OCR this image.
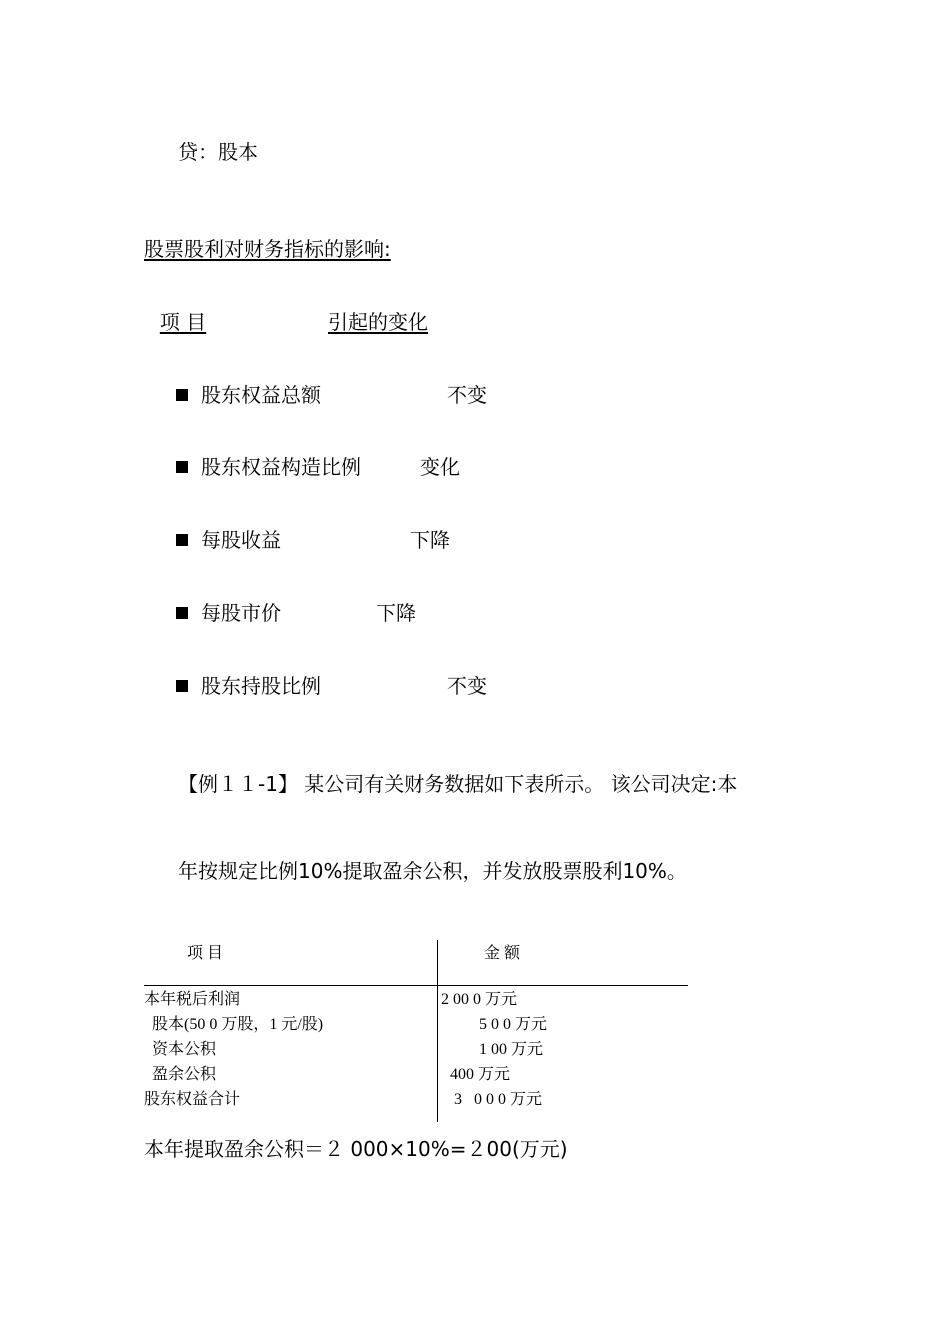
贷：股本
股票股利对财务指标的影响:
项 目	引起的变化
股东权益总额	不变
股东权益构造比例	变化
每股收益	下降
每股市价	下降
股东持股比例	不变
【例１１-1】 某公司有关财务数据如下表所示。 该公司决定:本
年按规定比例10%提取盈余公积，并发放股票股利10%。
项 目	金 额
本年税后利润	2 00 0 万元
股本(50 0 万股，1 元/股)	5 0 0 万元
资本公积	1 00 万元
盈余公积	400 万元
股东权益合计	3   0 0 0 万元
本年提取盈余公积＝２ 000×10%=２00(万元)
